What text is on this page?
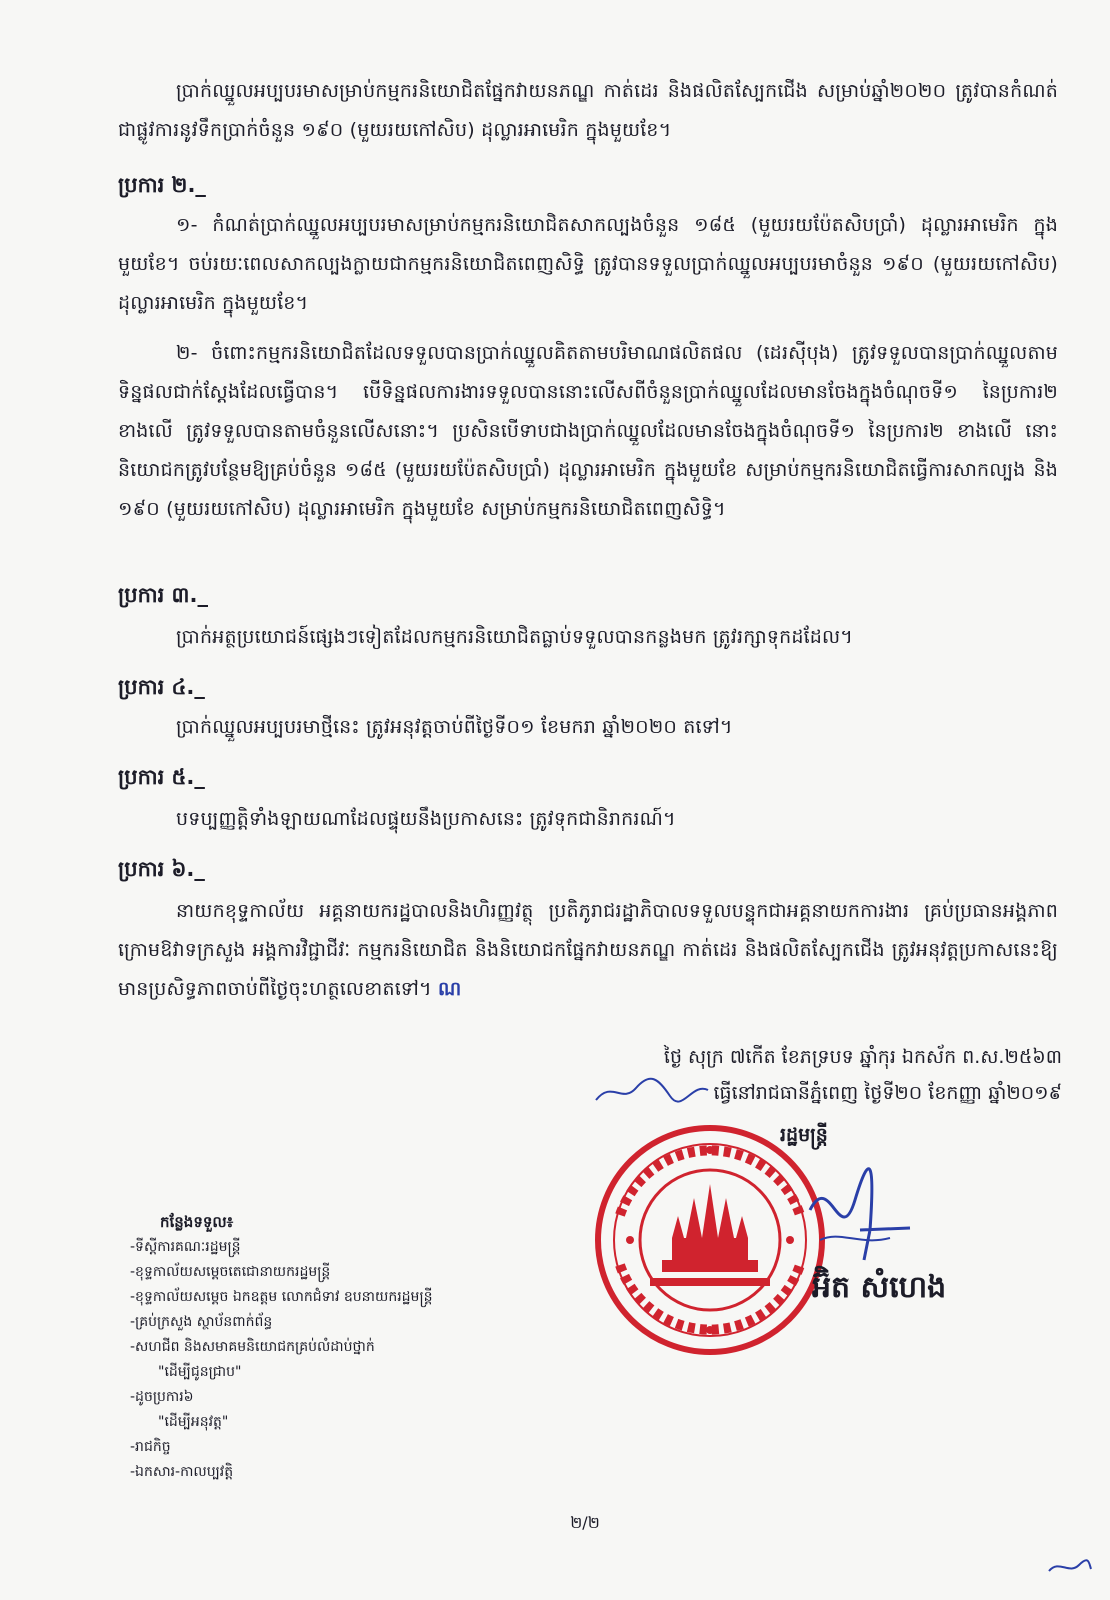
ប្រាក់ឈ្នួលអប្បបរមាសម្រាប់កម្មករនិយោជិតផ្នែកវាយនភណ្ឌ កាត់ដេរ និងផលិតស្បែកជើង សម្រាប់ឆ្នាំ២០២០ ត្រូវបានកំណត់ជាផ្លូវការនូវទឹកប្រាក់ចំនួន ១៩០ (មួយរយកៅសិប) ដុល្លារអាមេរិក ក្នុងមួយខែ។
ប្រការ ២._
១- កំណត់ប្រាក់ឈ្នួលអប្បបរមាសម្រាប់កម្មករនិយោជិតសាកល្បងចំនួន ១៨៥ (មួយរយប៉ែតសិបប្រាំ) ដុល្លារអាមេរិក ក្នុងមួយខែ។ ចប់រយៈពេលសាកល្បងក្លាយជាកម្មករនិយោជិតពេញសិទ្ធិ ត្រូវបានទទួលប្រាក់ឈ្នួលអប្បបរមាចំនួន ១៩០ (មួយរយកៅសិប) ដុល្លារអាមេរិក ក្នុងមួយខែ។
២- ចំពោះកម្មករនិយោជិតដែលទទួលបានប្រាក់ឈ្នួលគិតតាមបរិមាណផលិតផល (ដេរស៊ីបុង) ត្រូវទទួលបានប្រាក់ឈ្នួលតាមទិន្នផលជាក់ស្តែងដែលធ្វើបាន។ បើទិន្នផលការងារទទួលបាននោះលើសពីចំនួនប្រាក់ឈ្នួលដែលមានចែងក្នុងចំណុចទី១ នៃប្រការ២ ខាងលើ ត្រូវទទួលបានតាមចំនួនលើសនោះ។ ប្រសិនបើទាបជាងប្រាក់ឈ្នួលដែលមានចែងក្នុងចំណុចទី១ នៃប្រការ២ ខាងលើ នោះនិយោជកត្រូវបន្ថែមឱ្យគ្រប់ចំនួន ១៨៥ (មួយរយប៉ែតសិបប្រាំ) ដុល្លារអាមេរិក ក្នុងមួយខែ សម្រាប់កម្មករនិយោជិតធ្វើការសាកល្បង និង ១៩០ (មួយរយកៅសិប) ដុល្លារអាមេរិក ក្នុងមួយខែ សម្រាប់កម្មករនិយោជិតពេញសិទ្ធិ។
ប្រការ ៣._
ប្រាក់អត្ថប្រយោជន៍ផ្សេងៗទៀតដែលកម្មករនិយោជិតធ្លាប់ទទួលបានកន្លងមក ត្រូវរក្សាទុកដដែល។
ប្រការ ៤._
ប្រាក់ឈ្នួលអប្បបរមាថ្មីនេះ ត្រូវអនុវត្តចាប់ពីថ្ងៃទី០១ ខែមករា ឆ្នាំ២០២០ តទៅ។
ប្រការ ៥._
បទប្បញ្ញត្តិទាំងឡាយណាដែលផ្ទុយនឹងប្រកាសនេះ ត្រូវទុកជានិរាករណ៍។
ប្រការ ៦._
នាយកខុទ្ទកាល័យ អគ្គនាយករដ្ឋបាលនិងហិរញ្ញវត្ថុ ប្រតិភូរាជរដ្ឋាភិបាលទទួលបន្ទុកជាអគ្គនាយកការងារ គ្រប់ប្រធានអង្គភាពក្រោមឱវាទក្រសួង អង្គការវិជ្ជាជីវៈ កម្មករនិយោជិត និងនិយោជកផ្នែកវាយនភណ្ឌ កាត់ដេរ និងផលិតស្បែកជើង ត្រូវអនុវត្តប្រកាសនេះឱ្យមានប្រសិទ្ធភាពចាប់ពីថ្ងៃចុះហត្ថលេខាតទៅ។ ណ
ថ្ងៃ សុក្រ ៧កើត ខែភទ្របទ ឆ្នាំកុរ ឯកស័ក ព.ស.២៥៦៣
ធ្វើនៅរាជធានីភ្នំពេញ ថ្ងៃទី២០ ខែកញ្ញា ឆ្នាំ២០១៩
រដ្ឋមន្ត្រី
អ៊ិត សំហេង
កន្លែងទទួល៖
-ទីស្តីការគណៈរដ្ឋមន្ត្រី
-ខុទ្ទកាល័យសម្តេចតេជោនាយករដ្ឋមន្ត្រី
-ខុទ្ទកាល័យសម្តេច ឯកឧត្តម លោកជំទាវ ឧបនាយករដ្ឋមន្ត្រី
-គ្រប់ក្រសួង ស្ថាប័នពាក់ព័ន្ធ
-សហជីព និងសមាគមនិយោជកគ្រប់លំដាប់ថ្នាក់
"ដើម្បីជូនជ្រាប"
-ដូចប្រការ៦
"ដើម្បីអនុវត្ត"
-រាជកិច្ច
-ឯកសារ-កាលប្បវត្តិ
២/២
